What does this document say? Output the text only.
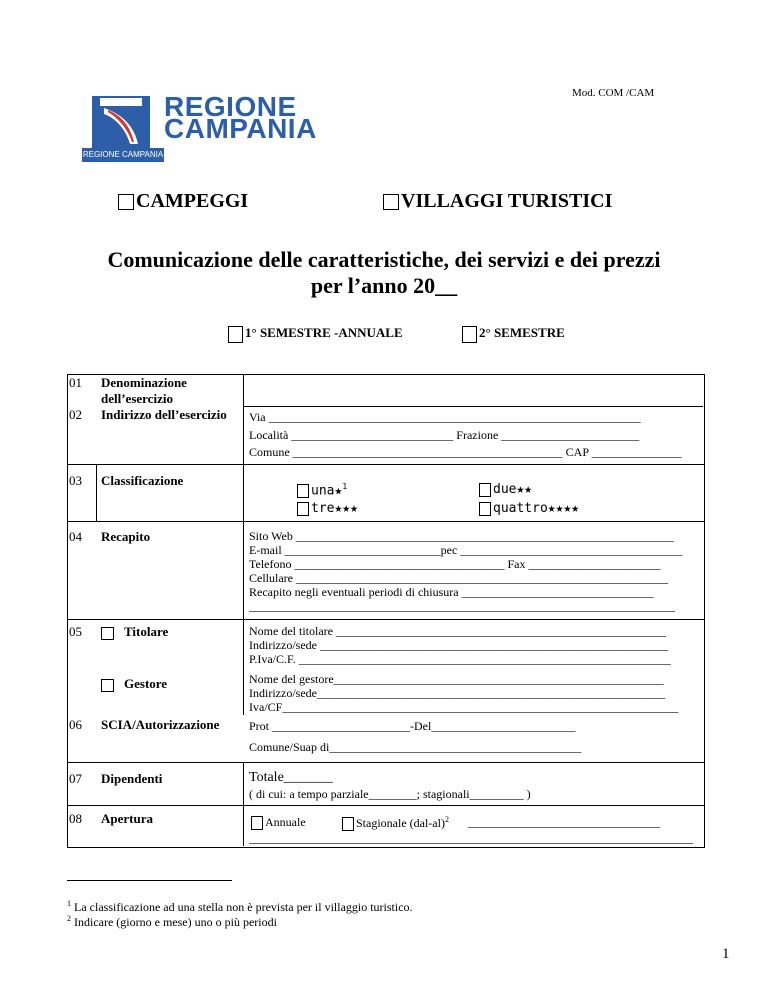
Mod. COM /CAM
REGIONE CAMPANIA
REGIONE
CAMPANIA
CAMPEGGI	VILLAGGI TURISTICI
Comunicazione delle caratteristiche, dei servizi e dei prezzi
per l’anno 20__
1° SEMESTRE -ANNUALE	2° SEMESTRE
01 Denominazione dell’esercizio
02 Indirizzo dell’esercizio	Via ______________________________________________________________
Località ___________________________ Frazione _______________________
Comune _____________________________________________ CAP _______________
03 Classificazione
una★$^1$	due★★
tre★★★	quattro★★★★
04 Recapito	Sito Web _______________________________________________________________
E-mail __________________________pec _____________________________________
Telefono ___________________________________ Fax ______________________
Cellulare ______________________________________________________________
Recapito negli eventuali periodi di chiusura ________________________________
_______________________________________________________________________
05	Titolare
Gestore
Nome del titolare _______________________________________________________
Indirizzo/sede __________________________________________________________
P.Iva/C.F. ______________________________________________________________
Nome del gestore_______________________________________________________
Indirizzo/sede__________________________________________________________
Iva/CF__________________________________________________________________
06 SCIA/Autorizzazione Prot _______________________-Del________________________
Comune/Suap di__________________________________________
07 Dipendenti	Totale_______
( di cui: a tempo parziale________; stagionali_________ )
08 Apertura	Annuale	Stagionale $(dal-al)^2$ ________________________________
__________________________________________________________________________
$^1$ La classificazione ad una stella non è prevista per il villaggio turistico.
$^2$ Indicare (giorno e mese) uno o più periodi
1
